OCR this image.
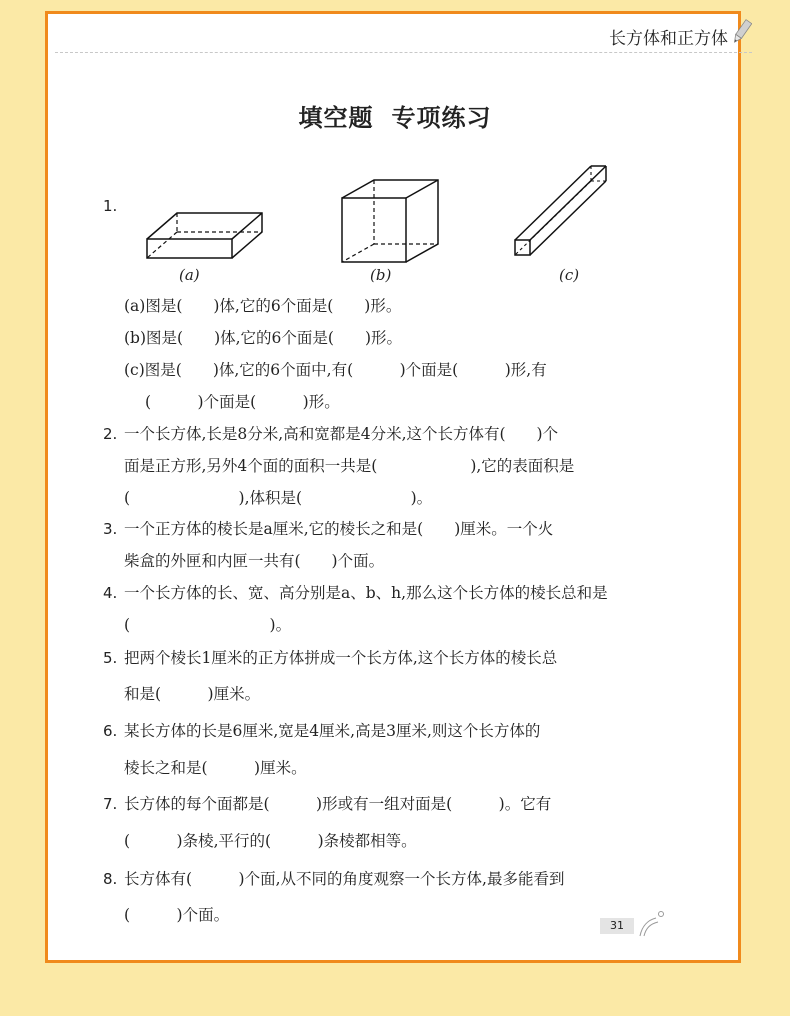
长方体和正方体
填空题 专项练习
1.
(a)	(b)	(c)
(a)图是(　　)体,它的6个面是(　　)形。
(b)图是(　　)体,它的6个面是(　　)形。
(c)图是(　　)体,它的6个面中,有(　　　)个面是(　　　)形,有
(　　　)个面是(　　　)形。
2. 一个长方体,长是8分米,高和宽都是4分米,这个长方体有(　　)个
面是正方形,另外4个面的面积一共是(　　　　　　),它的表面积是
(　　　　　　　),体积是(　　　　　　　)。
3. 一个正方体的棱长是a厘米,它的棱长之和是(　　)厘米。一个火
柴盒的外匣和内匣一共有(　　)个面。
4. 一个长方体的长、宽、高分别是a、b、h,那么这个长方体的棱长总和是
(　　　　　　　　　)。
5. 把两个棱长1厘米的正方体拼成一个长方体,这个长方体的棱长总
和是(　　　)厘米。
6. 某长方体的长是6厘米,宽是4厘米,高是3厘米,则这个长方体的
棱长之和是(　　　)厘米。
7. 长方体的每个面都是(　　　)形或有一组对面是(　　　)。它有
(　　　)条棱,平行的(　　　)条棱都相等。
8. 长方体有(　　　)个面,从不同的角度观察一个长方体,最多能看到
(　　　)个面。
31
